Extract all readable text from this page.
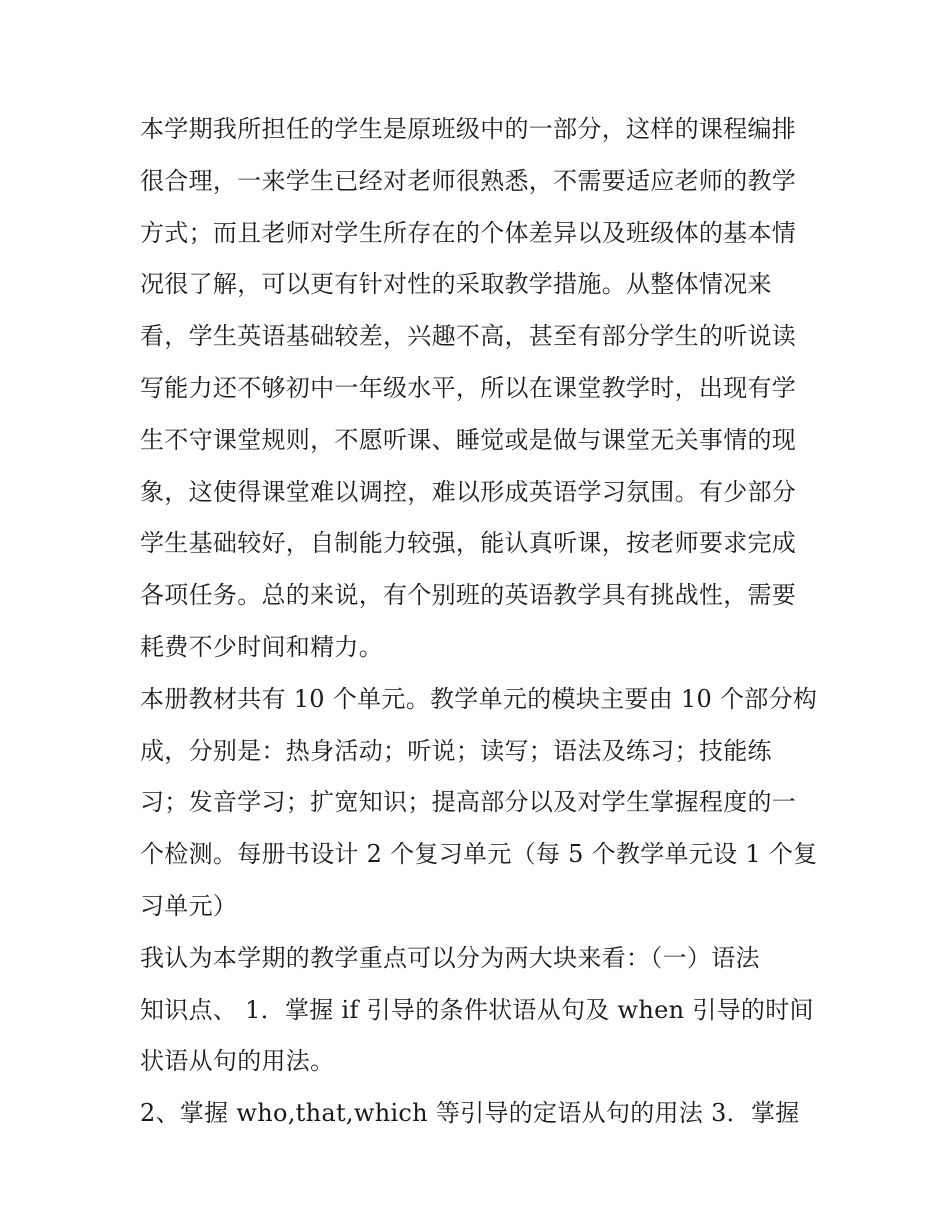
本学期我所担任的学生是原班级中的一部分，这样的课程编排
很合理，一来学生已经对老师很熟悉，不需要适应老师的教学
方式；而且老师对学生所存在的个体差异以及班级体的基本情
况很了解，可以更有针对性的采取教学措施。从整体情况来
看，学生英语基础较差，兴趣不高，甚至有部分学生的听说读
写能力还不够初中一年级水平，所以在课堂教学时，出现有学
生不守课堂规则，不愿听课、睡觉或是做与课堂无关事情的现
象，这使得课堂难以调控，难以形成英语学习氛围。有少部分
学生基础较好，自制能力较强，能认真听课，按老师要求完成
各项任务。总的来说，有个别班的英语教学具有挑战性，需要
耗费不少时间和精力。
本册教材共有 10 个单元。教学单元的模块主要由 10 个部分构
成，分别是：热身活动；听说；读写；语法及练习；技能练
习；发音学习；扩宽知识；提高部分以及对学生掌握程度的一
个检测。每册书设计 2 个复习单元（每 5 个教学单元设 1 个复
习单元）
我认为本学期的教学重点可以分为两大块来看：（一）语法
知识点、 1．掌握 if 引导的条件状语从句及 when 引导的时间
状语从句的用法。
2、掌握 who,that,which 等引导的定语从句的用法 3．掌握
